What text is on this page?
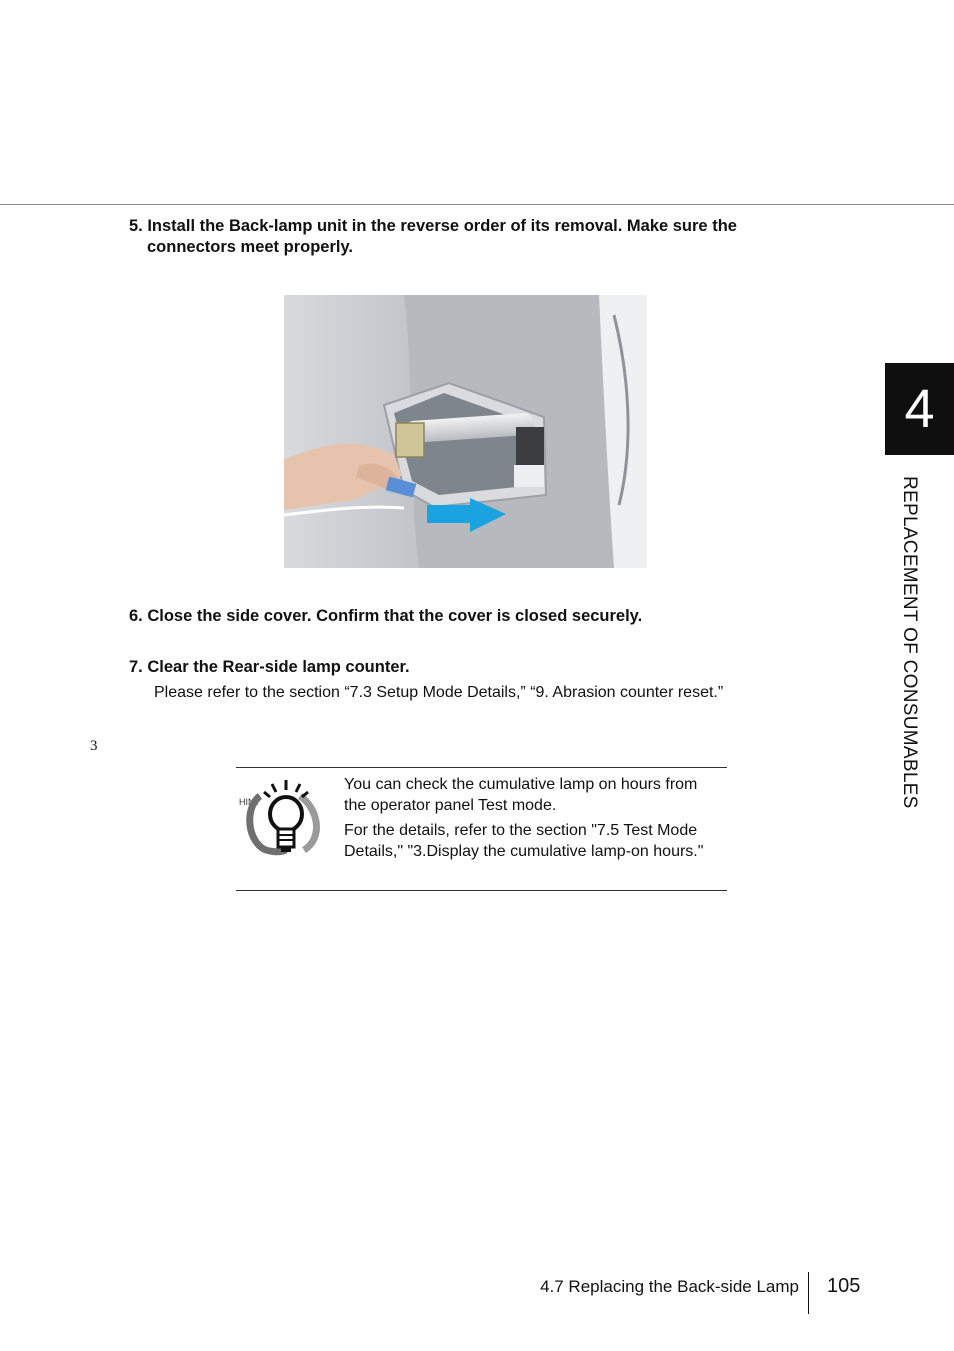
5. Install the Back-lamp unit in the reverse order of its removal. Make sure the
connectors meet properly.
6. Close the side cover. Confirm that the cover is closed securely.
7. Clear the Rear-side lamp counter.
Please refer to the section “7.3 Setup Mode Details,” “9. Abrasion counter reset.”
3
HINT

You can check the cumulative lamp on hours from the operator panel Test mode.

For the details, refer to the section "7.5 Test Mode Details," "3.Display the cumulative lamp-on hours."

4
REPLACEMENT OF CONSUMABLES
4.7 Replacing the Back-side Lamp 105
